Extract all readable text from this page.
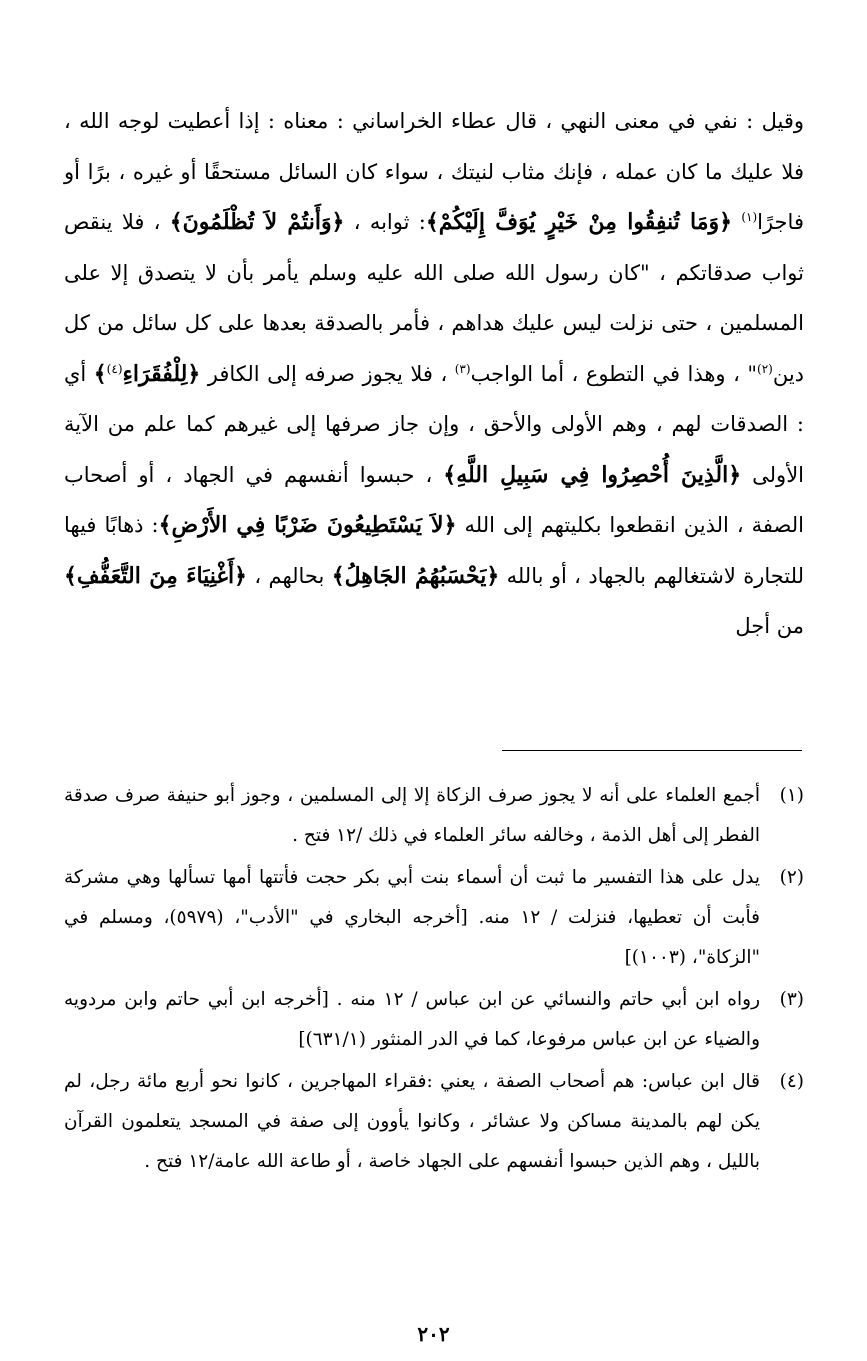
وقيل : نفي في معنى النهي ، قال عطاء الخراساني : معناه : إذا أعطيت لوجه الله ، فلا عليك ما كان عمله ، فإنك مثاب لنيتك ، سواء كان السائل مستحقًا أو غيره ، برًا أو فاجرًا$^{(١)}$ ﴿وَمَا تُنفِقُوا مِنْ خَيْرٍ يُوَفَّ إِلَيْكُمْ﴾: ثوابه ، ﴿وَأَنتُمْ لاَ تُظْلَمُونَ﴾ ، فلا ينقص ثواب صدقاتكم ، "كان رسول الله صلى الله عليه وسلم يأمر بأن لا يتصدق إلا على المسلمين ، حتى نزلت ليس عليك هداهم ، فأمر بالصدقة بعدها على كل سائل من كل دين$^{(٢)}$" ، وهذا في التطوع ، أما الواجب$^{(٣)}$ ، فلا يجوز صرفه إلى الكافر ﴿لِلْفُقَرَاءِ$^{(٤)}$﴾ أي : الصدقات لهم ، وهم الأولى والأحق ، وإن جاز صرفها إلى غيرهم كما علم من الآية الأولى ﴿الَّذِينَ أُحْصِرُوا فِي سَبِيلِ اللَّهِ﴾ ، حبسوا أنفسهم في الجهاد ، أو أصحاب الصفة ، الذين انقطعوا بكليتهم إلى الله ﴿لاَ يَسْتَطِيعُونَ ضَرْبًا فِي الأَرْضِ﴾: ذهابًا فيها للتجارة لاشتغالهم بالجهاد ، أو بالله ﴿يَحْسَبُهُمُ الجَاهِلُ﴾ بحالهم ، ﴿أَغْنِيَاءَ مِنَ التَّعَفُّفِ﴾ من أجل

(١)
أجمع العلماء على أنه لا يجوز صرف الزكاة إلا إلى المسلمين ، وجوز أبو حنيفة صرف صدقة الفطر إلى أهل الذمة ، وخالفه سائر العلماء في ذلك /١٢ فتح .
(٢)
يدل على هذا التفسير ما ثبت أن أسماء بنت أبي بكر حجت فأتتها أمها تسألها وهي مشركة فأبت أن تعطيها، فنزلت / ١٢ منه. [أخرجه البخاري في "الأدب"، (٥٩٧٩)، ومسلم في "الزكاة"، (١٠٠٣)]
(٣)
رواه ابن أبي حاتم والنسائي عن ابن عباس / ١٢ منه . [أخرجه ابن أبي حاتم وابن مردويه والضياء عن ابن عباس مرفوعا، كما في الدر المنثور (٦٣١/١)]
(٤)
قال ابن عباس: هم أصحاب الصفة ، يعني :فقراء المهاجرين ، كانوا نحو أربع مائة رجل، لم يكن لهم بالمدينة مساكن ولا عشائر ، وكانوا يأوون إلى صفة في المسجد يتعلمون القرآن بالليل ، وهم الذين حبسوا أنفسهم على الجهاد خاصة ، أو طاعة الله عامة/١٢ فتح .
٢٠٢
